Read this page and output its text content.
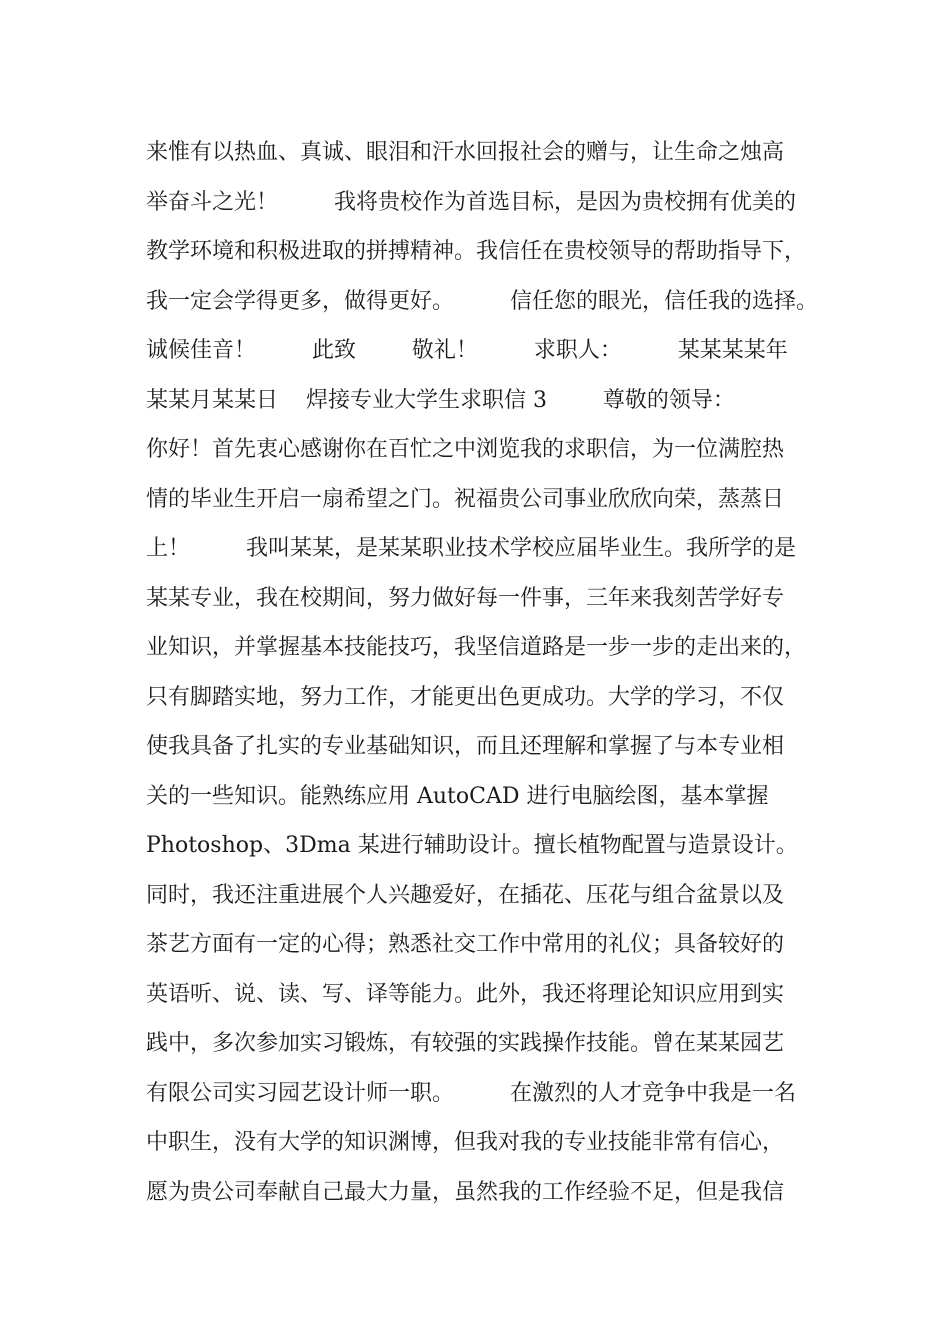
来惟有以热血、真诚、眼泪和汗水回报社会的赠与，让生命之烛高
举奋斗之光！        我将贵校作为首选目标，是因为贵校拥有优美的
教学环境和积极进取的拼搏精神。我信任在贵校领导的帮助指导下，
我一定会学得更多，做得更好。        信任您的眼光，信任我的选择。
诚候佳音！        此致        敬礼！        求职人：        某某某某年
某某月某某日    焊接专业大学生求职信 3        尊敬的领导：
你好！首先衷心感谢你在百忙之中浏览我的求职信，为一位满腔热
情的毕业生开启一扇希望之门。祝福贵公司事业欣欣向荣，蒸蒸日
上！        我叫某某，是某某职业技术学校应届毕业生。我所学的是
某某专业，我在校期间，努力做好每一件事，三年来我刻苦学好专
业知识，并掌握基本技能技巧，我坚信道路是一步一步的走出来的，
只有脚踏实地，努力工作，才能更出色更成功。大学的学习，不仅
使我具备了扎实的专业基础知识，而且还理解和掌握了与本专业相
关的一些知识。能熟练应用 AutoCAD 进行电脑绘图，基本掌握
Photoshop、3Dma 某进行辅助设计。擅长植物配置与造景设计。
同时，我还注重进展个人兴趣爱好，在插花、压花与组合盆景以及
茶艺方面有一定的心得；熟悉社交工作中常用的礼仪；具备较好的
英语听、说、读、写、译等能力。此外，我还将理论知识应用到实
践中，多次参加实习锻炼，有较强的实践操作技能。曾在某某园艺
有限公司实习园艺设计师一职。        在激烈的人才竞争中我是一名
中职生，没有大学的知识渊博，但我对我的专业技能非常有信心，
愿为贵公司奉献自己最大力量，虽然我的工作经验不足，但是我信
